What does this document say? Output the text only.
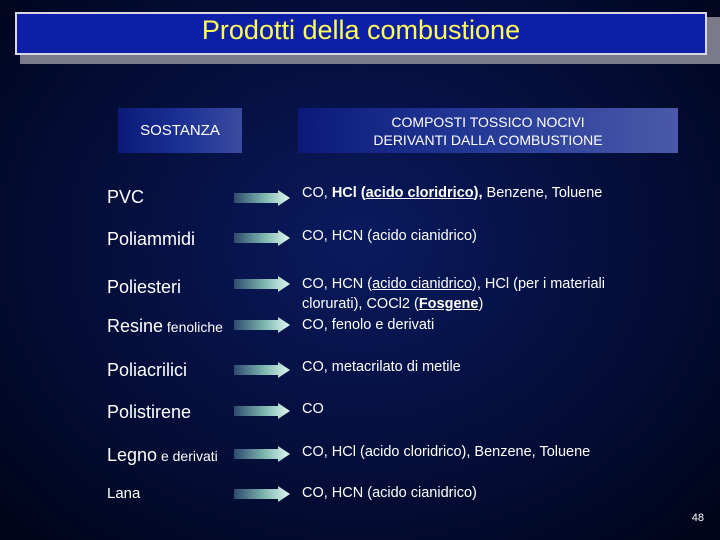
Prodotti della combustione
SOSTANZA
COMPOSTI TOSSICO NOCIVI
DERIVANTI DALLA COMBUSTIONE
PVC	CO, HCl (acido cloridrico), Benzene, Toluene
Poliammidi	CO, HCN (acido cianidrico)
Poliesteri	CO, HCN (acido cianidrico), HCl (per i materiali
clorurati), COCl2 (Fosgene)
Resine fenoliche	CO, fenolo e derivati
Poliacrilici	CO, metacrilato di metile
Polistirene	CO
Legno e derivati	CO, HCl (acido cloridrico), Benzene, Toluene
Lana	CO, HCN (acido cianidrico)
48
